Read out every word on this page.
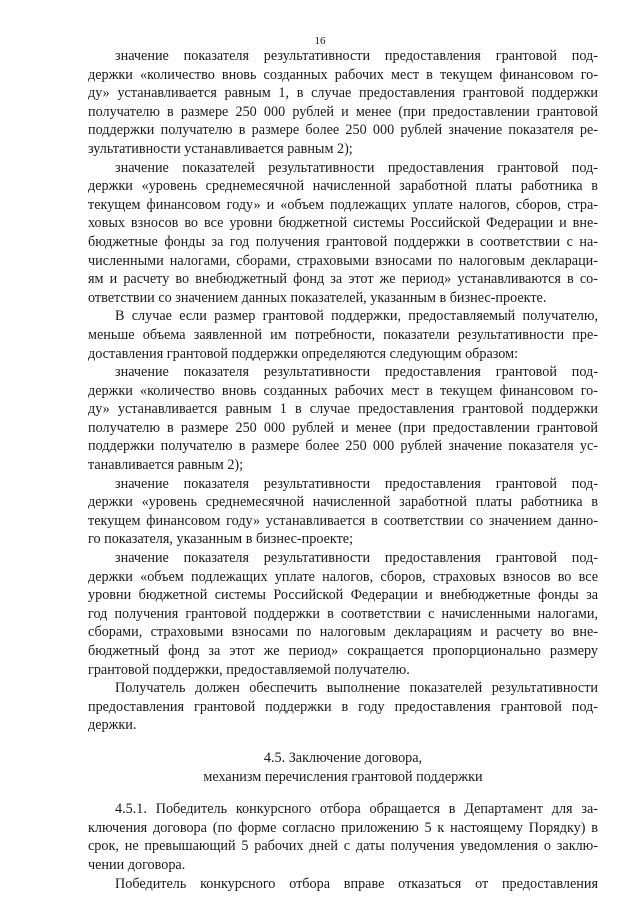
16
значение показателя результативности предоставления грантовой под-
держки «количество вновь созданных рабочих мест в текущем финансовом го-
ду» устанавливается равным 1, в случае предоставления грантовой поддержки
получателю в размере 250 000 рублей и менее (при предоставлении грантовой
поддержки получателю в размере более 250 000 рублей значение показателя ре-
зультативности устанавливается равным 2);
значение показателей результативности предоставления грантовой под-
держки «уровень среднемесячной начисленной заработной платы работника в
текущем финансовом году» и «объем подлежащих уплате налогов, сборов, стра-
ховых взносов во все уровни бюджетной системы Российской Федерации и вне-
бюджетные фонды за год получения грантовой поддержки в соответствии с на-
численными налогами, сборами, страховыми взносами по налоговым деклараци-
ям и расчету во внебюджетный фонд за этот же период» устанавливаются в со-
ответствии со значением данных показателей, указанным в бизнес-проекте.
В случае если размер грантовой поддержки, предоставляемый получателю,
меньше объема заявленной им потребности, показатели результативности пре-
доставления грантовой поддержки определяются следующим образом:
значение показателя результативности предоставления грантовой под-
держки «количество вновь созданных рабочих мест в текущем финансовом го-
ду» устанавливается равным 1 в случае предоставления грантовой поддержки
получателю в размере 250 000 рублей и менее (при предоставлении грантовой
поддержки получателю в размере более 250 000 рублей значение показателя ус-
танавливается равным 2);
значение показателя результативности предоставления грантовой под-
держки «уровень среднемесячной начисленной заработной платы работника в
текущем финансовом году» устанавливается в соответствии со значением данно-
го показателя, указанным в бизнес-проекте;
значение показателя результативности предоставления грантовой под-
держки «объем подлежащих уплате налогов, сборов, страховых взносов во все
уровни бюджетной системы Российской Федерации и внебюджетные фонды за
год получения грантовой поддержки в соответствии с начисленными налогами,
сборами, страховыми взносами по налоговым декларациям и расчету во вне-
бюджетный фонд за этот же период» сокращается пропорционально размеру
грантовой поддержки, предоставляемой получателю.
Получатель должен обеспечить выполнение показателей результативности
предоставления грантовой поддержки в году предоставления грантовой под-
держки.
4.5. Заключение договора,
механизм перечисления грантовой поддержки
4.5.1. Победитель конкурсного отбора обращается в Департамент для за-
ключения договора (по форме согласно приложению 5 к настоящему Порядку) в
срок, не превышающий 5 рабочих дней с даты получения уведомления о заклю-
чении договора.
Победитель конкурсного отбора вправе отказаться от предоставления
